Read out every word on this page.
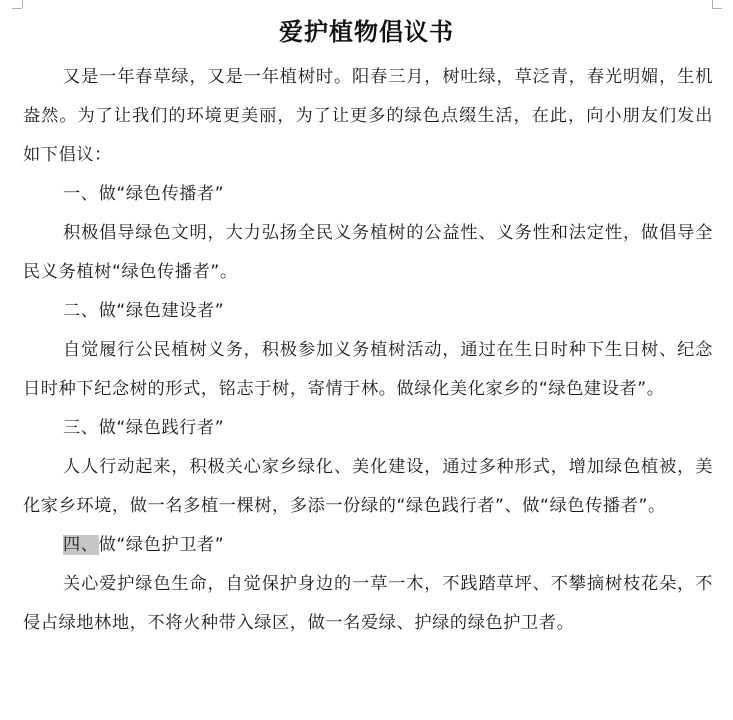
爱护植物倡议书

又是一年春草绿，又是一年植树时。阳春三月，树吐绿，草泛青，春光明媚，生机盎然。为了让我们的环境更美丽，为了让更多的绿色点缀生活，在此，向小朋友们发出如下倡议：

一、做“绿色传播者”

积极倡导绿色文明，大力弘扬全民义务植树的公益性、义务性和法定性，做倡导全民义务植树“绿色传播者”。

二、做“绿色建设者”

自觉履行公民植树义务，积极参加义务植树活动，通过在生日时种下生日树、纪念日时种下纪念树的形式，铭志于树，寄情于林。做绿化美化家乡的“绿色建设者”。

三、做“绿色践行者”

人人行动起来，积极关心家乡绿化、美化建设，通过多种形式，增加绿色植被，美化家乡环境，做一名多植一棵树，多添一份绿的“绿色践行者”、做“绿色传播者”。

四、做“绿色护卫者”

关心爱护绿色生命，自觉保护身边的一草一木，不践踏草坪、不攀摘树枝花朵，不侵占绿地林地，不将火种带入绿区，做一名爱绿、护绿的绿色护卫者。
